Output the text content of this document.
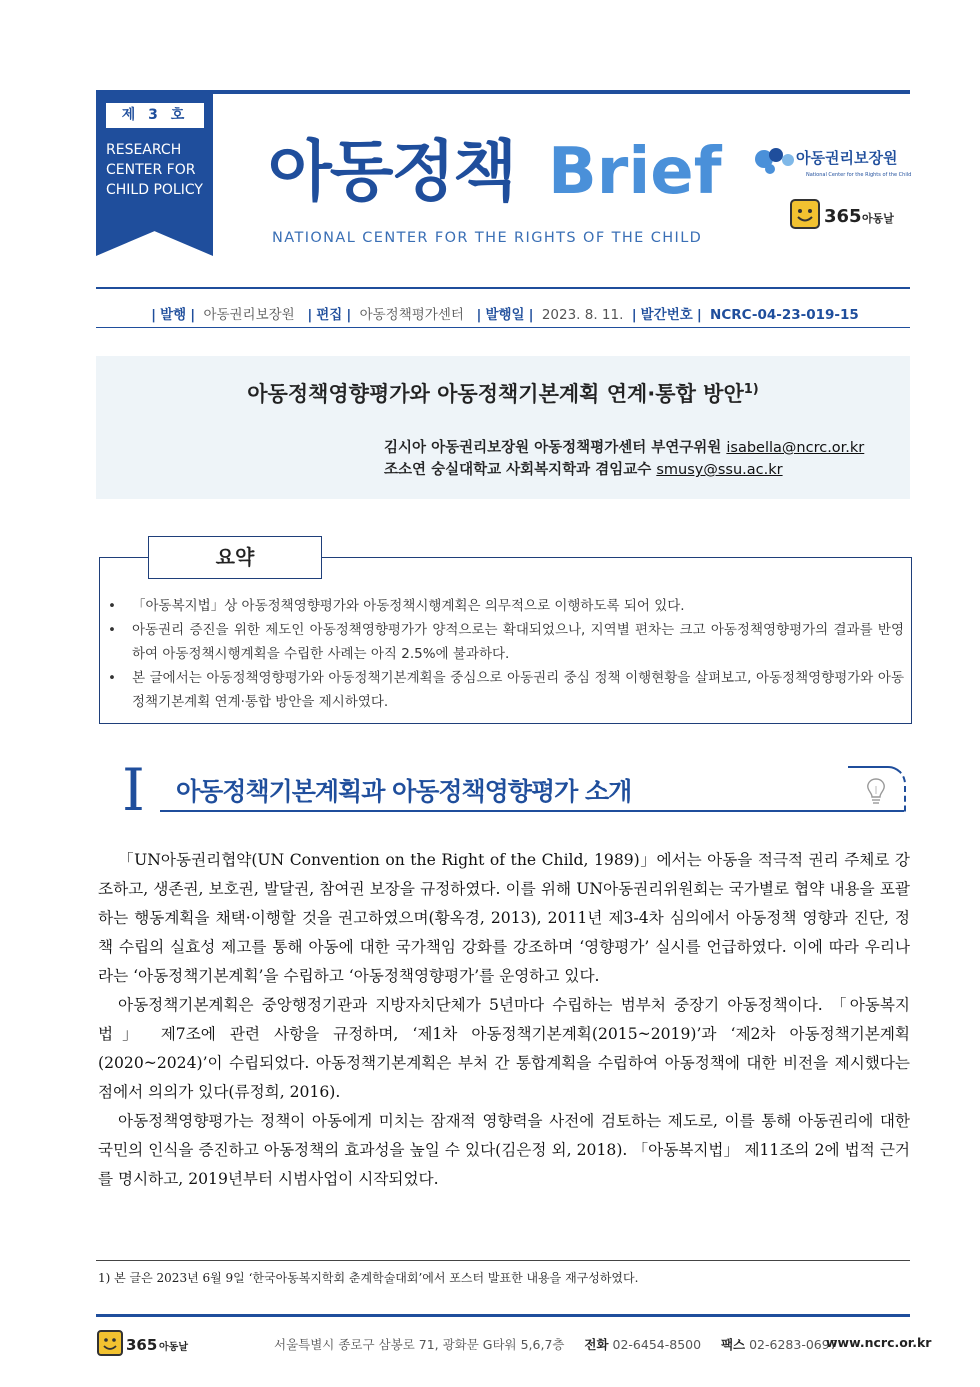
제 3 호
RESEARCH
CENTER FOR
CHILD POLICY 아동정책 Brief
NATIONAL CENTER FOR THE RIGHTS OF THE CHILD
아동권리보장원
National Center for the Rights of the Child
365 아동날
| 발행 | 아동권리보장원 | 편집 | 아동정책평가센터 | 발행일 | 2023. 8. 11. | 발간번호 | NCRC-04-23-019-15
아동정책영향평가와 아동정책기본계획 연계·통합 방안$^{1)}$
김시아 아동권리보장원 아동정책평가센터 부연구위원 isabella@ncrc.or.kr
조소연 숭실대학교 사회복지학과 겸임교수 smusy@ssu.ac.kr
요약
• 「아동복지법」상 아동정책영향평가와 아동정책시행계획은 의무적으로 이행하도록 되어 있다.
• 아동권리 증진을 위한 제도인 아동정책영향평가가 양적으로는 확대되었으나, 지역별 편차는 크고 아동정책영향평가의 결과를 반영하여 아동정책시행계획을 수립한 사례는 아직 2.5%에 불과하다.
• 본 글에서는 아동정책영향평가와 아동정책기본계획을 중심으로 아동권리 중심 정책 이행현황을 살펴보고, 아동정책영향평가와 아동정책기본계획 연계·통합 방안을 제시하였다.
I 아동정책기본계획과 아동정책영향평가 소개

「UN아동권리협약(UN Convention on the Right of the Child, 1989)」에서는 아동을 적극적 권리 주체로 강조하고, 생존권, 보호권, 발달권, 참여권 보장을 규정하였다. 이를 위해 UN아동권리위원회는 국가별로 협약 내용을 포괄하는 행동계획을 채택·이행할 것을 권고하였으며(황옥경, 2013), 2011년 제3-4차 심의에서 아동정책 영향과 진단, 정책 수립의 실효성 제고를 통해 아동에 대한 국가책임 강화를 강조하며 ‘영향평가’ 실시를 언급하였다. 이에 따라 우리나라는 ‘아동정책기본계획’을 수립하고 ‘아동정책영향평가’를 운영하고 있다.

아동정책기본계획은 중앙행정기관과 지방자치단체가 5년마다 수립하는 범부처 중장기 아동정책이다. 「아동복지법」 제7조에 관련 사항을 규정하며, ‘제1차 아동정책기본계획(2015~2019)’과 ‘제2차 아동정책기본계획(2020~2024)’이 수립되었다. 아동정책기본계획은 부처 간 통합계획을 수립하여 아동정책에 대한 비전을 제시했다는 점에서 의의가 있다(류정희, 2016).

아동정책영향평가는 정책이 아동에게 미치는 잠재적 영향력을 사전에 검토하는 제도로, 이를 통해 아동권리에 대한 국민의 인식을 증진하고 아동정책의 효과성을 높일 수 있다(김은정 외, 2018). 「아동복지법」 제11조의 2에 법적 근거를 명시하고, 2019년부터 시범사업이 시작되었다.

1) 본 글은 2023년 6월 9일 ‘한국아동복지학회 춘계학술대회’에서 포스터 발표한 내용을 재구성하였다.
365 아동날	서울특별시 종로구 삼봉로 71, 광화문 G타워 5,6,7층 전화 02-6454-8500 팩스 02-6283-0697
www.ncrc.or.kr
